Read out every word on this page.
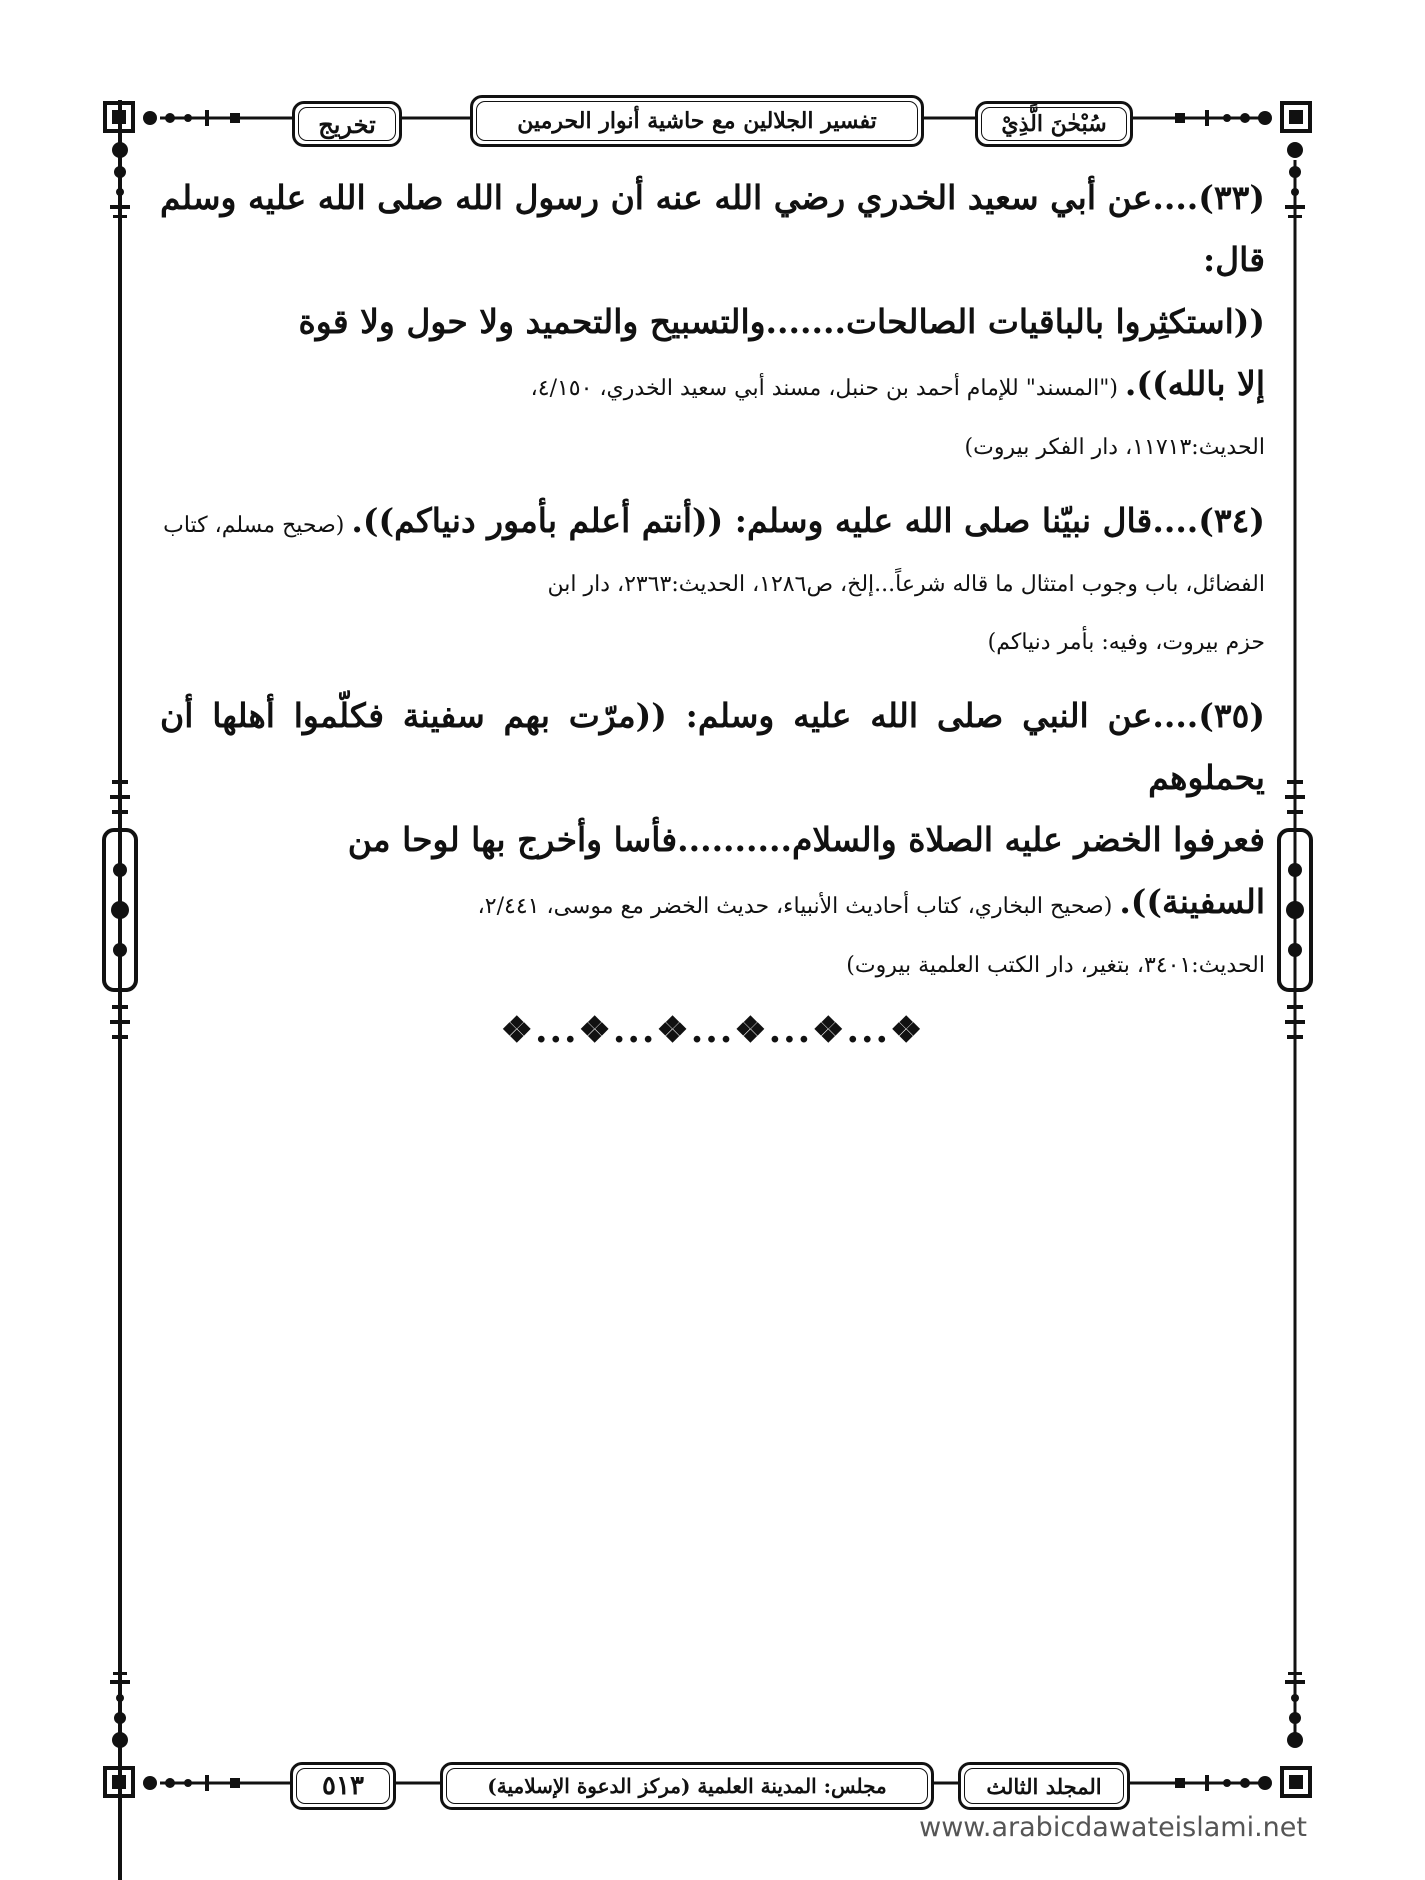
تخريج	تفسير الجلالين مع حاشية أنوار الحرمين	سُبْحٰنَ الَّذِيْ
(٣٣)....عن أبي سعيد الخدري رضي الله عنه أن رسول الله صلى الله عليه وسلم قال:
((استكثِروا بالباقيات الصالحات.......والتسبيح والتحميد ولا حول ولا قوة
إلا بالله)). ("المسند" للإمام أحمد بن حنبل، مسند أبي سعيد الخدري، ٤/١٥٠،
الحديث:١١٧١٣، دار الفكر بيروت)
(٣٤)....قال نبيّنا صلى الله عليه وسلم: ((أنتم أعلم بأمور دنياكم)). (صحيح مسلم، كتاب
الفضائل، باب وجوب امتثال ما قاله شرعاً...إلخ، ص١٢٨٦، الحديث:٢٣٦٣، دار ابن
حزم بيروت، وفيه: بأمر دنياكم)
(٣٥)....عن النبي صلى الله عليه وسلم: ((مرّت بهم سفينة فكلّموا أهلها أن يحملوهم
فعرفوا الخضر عليه الصلاة والسلام..........فأسا وأخرج بها لوحا من
السفينة)). (صحيح البخاري، كتاب أحاديث الأنبياء، حديث الخضر مع موسى، ٢/٤٤١،
الحديث:٣٤٠١، بتغير، دار الكتب العلمية بيروت)
❖...❖...❖...❖...❖...❖
٥١٣	مجلس: المدينة العلمية (مركز الدعوة الإسلامية)	المجلد الثالث
www.arabicdawateislami.net
